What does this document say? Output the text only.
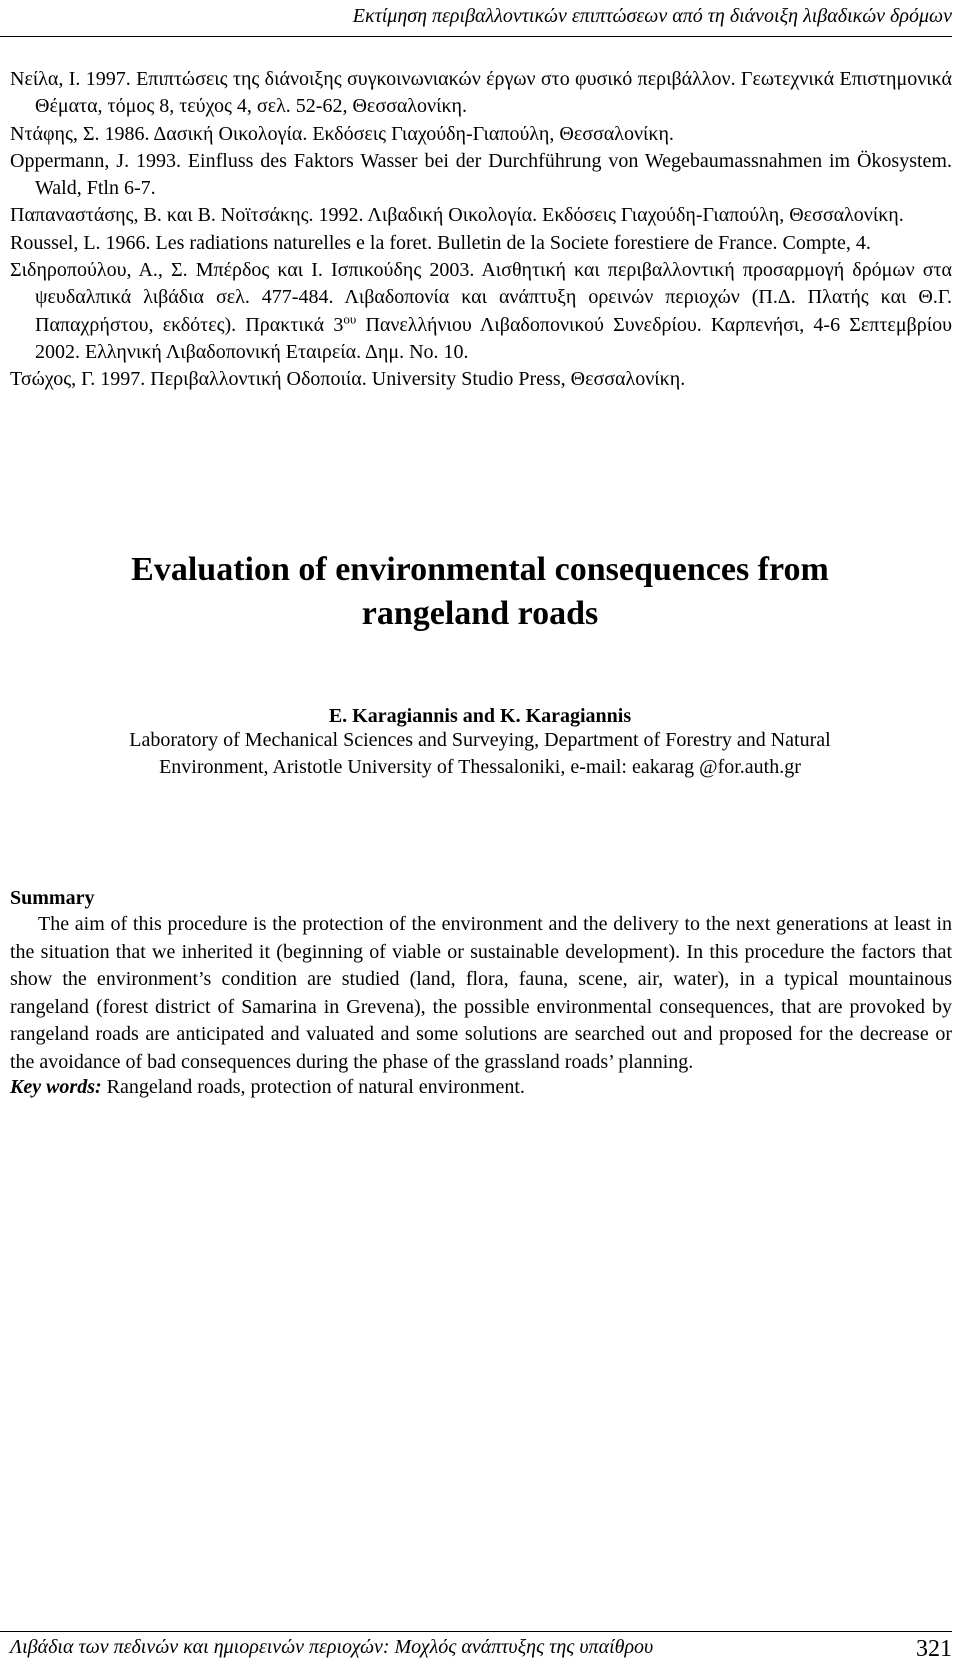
Εκτίμηση περιβαλλοντικών επιπτώσεων από τη διάνοιξη λιβαδικών δρόμων

Νείλα, Ι. 1997. Επιπτώσεις της διάνοιξης συγκοινωνιακών έργων στο φυσικό περιβάλλον. Γεωτεχνικά Επιστημονικά Θέματα, τόμος 8, τεύχος 4, σελ. 52-62, Θεσσαλονίκη.

Ντάφης, Σ. 1986. Δασική Οικολογία. Εκδόσεις Γιαχούδη-Γιαπούλη, Θεσσαλονίκη.

Oppermann, J. 1993. Einfluss des Faktors Wasser bei der Durchführung von Wegebaumassnahmen im Ökosystem. Wald, Ftln 6-7.

Παπαναστάσης, Β. και Β. Νοϊτσάκης. 1992. Λιβαδική Οικολογία. Εκδόσεις Γιαχούδη-Γιαπούλη, Θεσσαλονίκη.

Roussel, L. 1966. Les radiations naturelles e la foret. Bulletin de la Societe forestiere de France. Compte, 4.

Σιδηροπούλου, Α., Σ. Μπέρδος και Ι. Ισπικούδης 2003. Αισθητική και περιβαλλοντική προσαρμογή δρόμων στα ψευδαλπικά λιβάδια σελ. 477-484. Λιβαδοπονία και ανάπτυξη ορεινών περιοχών (Π.Δ. Πλατής και Θ.Γ. Παπαχρήστου, εκδότες). Πρακτικά $3^{o\upsilon}$ Πανελλήνιου Λιβαδοπονικού Συνεδρίου. Καρπενήσι, 4-6 Σεπτεμβρίου 2002. Ελληνική Λιβαδοπονική Εταιρεία. Δημ. No. 10.

Τσώχος, Γ. 1997. Περιβαλλοντική Οδοποιία. University Studio Press, Θεσσαλονίκη.

Evaluation of environmental consequences from
rangeland roads
E. Karagiannis and K. Karagiannis
Laboratory of Mechanical Sciences and Surveying, Department of Forestry and Natural
Environment, Aristotle University of Thessaloniki, e-mail: eakarag @for.auth.gr
Summary

The aim of this procedure is the protection of the environment and the delivery to the next generations at least in the situation that we inherited it (beginning of viable or sustainable development). In this procedure the factors that show the environment’s condition are studied (land, flora, fauna, scene, air, water), in a typical mountainous rangeland (forest district of Samarina in Grevena), the possible environmental consequences, that are provoked by rangeland roads are anticipated and valuated and some solutions are searched out and proposed for the decrease or the avoidance of bad consequences during the phase of the grassland roads’ planning.

Key words: Rangeland roads, protection of natural environment.
Λιβάδια των πεδινών και ημιορεινών περιοχών: Μοχλός ανάπτυξης της υπαίθρου	321
